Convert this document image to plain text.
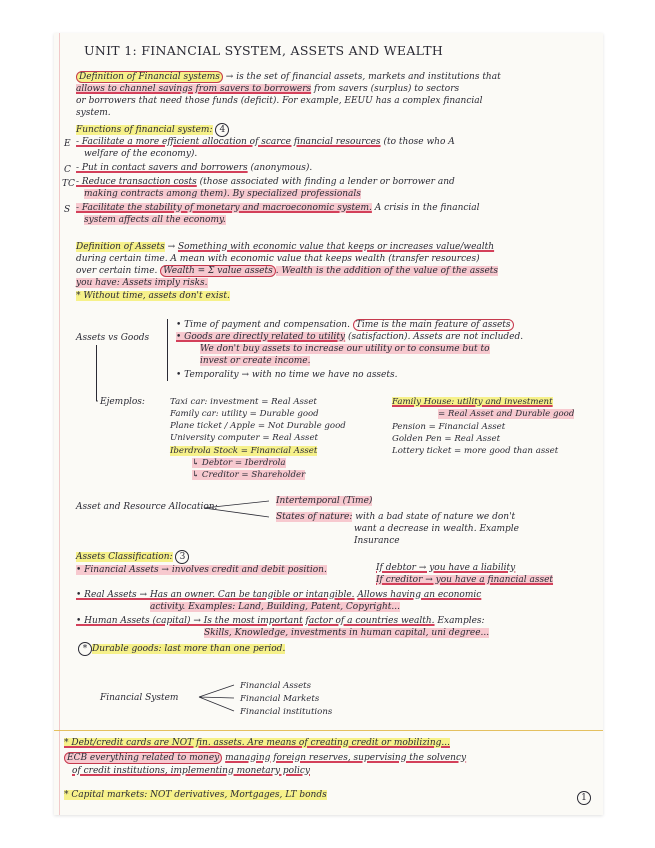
UNIT 1: FINANCIAL SYSTEM, ASSETS AND WEALTH
Definition of Financial systems → is the set of financial assets, markets and institutions that
allows to channel savings from savers to borrowers from savers (surplus) to sectors
or borrowers that need those funds (deficit). For example, EEUU has a complex financial
system.
Functions of financial system: 4
E - Facilitate a more efficient allocation of scarce financial resources (to those who A
welfare of the economy).
C - Put in contact savers and borrowers (anonymous).
TC - Reduce transaction costs (those associated with finding a lender or borrower and
making contracts among them). By specialized professionals
S - Facilitate the stability of monetary and macroeconomic system. A crisis in the financial
system affects all the economy.
Definition of Assets → Something with economic value that keeps or increases value/wealth
during certain time. A mean with economic value that keeps wealth (transfer resources)
over certain time. Wealth = Σ value assets . Wealth is the addition of the value of the assets
you have: Assets imply risks.
* Without time, assets don't exist.
Assets vs Goods
• Time of payment and compensation. Time is the main feature of assets
• Goods are directly related to utility (satisfaction). Assets are not included.
We don't buy assets to increase our utility or to consume but to
invest or create income.
• Temporality → with no time we have no assets.
Ejemplos:	Taxi car: investment = Real Asset
Family car: utility = Durable good
Plane ticket / Apple = Not Durable good
University computer = Real Asset
Iberdrola Stock = Financial Asset
↳ Debtor = Iberdrola
↳ Creditor = Shareholder
Family House: utility and investment
= Real Asset and Durable good
Pension = Financial Asset
Golden Pen = Real Asset
Lottery ticket = more good than asset
Asset and Resource Allocation:
Intertemporal (Time)
States of nature: with a bad state of nature we don't
want a decrease in wealth. Example
Insurance
Assets Classification: 3
• Financial Assets → involves credit and debit position.	If debtor → you have a liability
If creditor → you have a financial asset
• Real Assets → Has an owner. Can be tangible or intangible. Allows having an economic
activity. Examples: Land, Building, Patent, Copyright...
• Human Assets (capital) → Is the most important factor of a countries wealth. Examples:
Skills, Knowledge, investments in human capital, uni degree...
* Durable goods: last more than one period.
Financial System
Financial Assets
Financial Markets
Financial institutions
* Debt/credit cards are NOT fin. assets. Are means of creating credit or mobilizing...
ECB everything related to money managing foreign reserves, supervising the solvency
of credit institutions, implementing monetary policy
* Capital markets: NOT derivatives, Mortgages, LT bonds	1
